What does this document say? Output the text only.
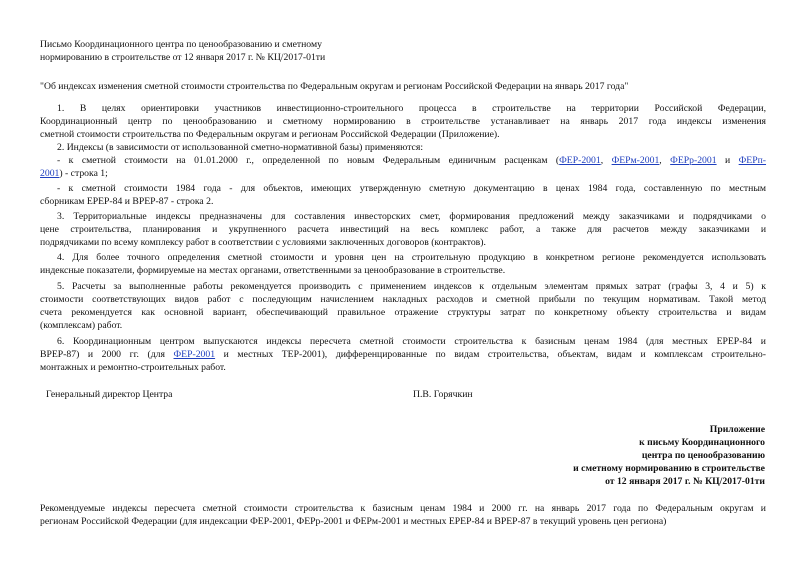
Письмо Координационного центра по ценообразованию и сметному
нормированию в строительстве от 12 января 2017 г. № КЦ/2017-01ти
"Об индексах изменения сметной стоимости строительства по Федеральным округам и регионам Российской Федерации на январь 2017 года"
1. В целях ориентировки участников инвестиционно-строительного процесса в строительстве на территории Российской Федерации,
Координационный центр по ценообразованию и сметному нормированию в строительстве устанавливает на январь 2017 года индексы изменения
сметной стоимости строительства по Федеральным округам и регионам Российской Федерации (Приложение).
2. Индексы (в зависимости от использованной сметно-нормативной базы) применяются:
- к сметной стоимости на 01.01.2000 г., определенной по новым Федеральным единичным расценкам (ФЕР-2001, ФЕРм-2001, ФЕРр-2001 и ФЕРп-
2001) - строка 1;
- к сметной стоимости 1984 года - для объектов, имеющих утвержденную сметную документацию в ценах 1984 года, составленную по местным
сборникам ЕРЕР-84 и ВРЕР-87 - строка 2.
3. Территориальные индексы предназначены для составления инвесторских смет, формирования предложений между заказчиками и подрядчиками о
цене строительства, планирования и укрупненного расчета инвестиций на весь комплекс работ, а также для расчетов между заказчиками и
подрядчиками по всему комплексу работ в соответствии с условиями заключенных договоров (контрактов).
4. Для более точного определения сметной стоимости и уровня цен на строительную продукцию в конкретном регионе рекомендуется использовать
индексные показатели, формируемые на местах органами, ответственными за ценообразование в строительстве.
5. Расчеты за выполненные работы рекомендуется производить с применением индексов к отдельным элементам прямых затрат (графы 3, 4 и 5) к
стоимости соответствующих видов работ с последующим начислением накладных расходов и сметной прибыли по текущим нормативам. Такой метод
счета рекомендуется как основной вариант, обеспечивающий правильное отражение структуры затрат по конкретному объекту строительства и видам
(комплексам) работ.
6. Координационным центром выпускаются индексы пересчета сметной стоимости строительства к базисным ценам 1984 (для местных ЕРЕР-84 и
ВРЕР-87) и 2000 гг. (для ФЕР-2001 и местных ТЕР-2001), дифференцированные по видам строительства, объектам, видам и комплексам строительно-
монтажных и ремонтно-строительных работ.
Генеральный директор Центра	П.В. Горячкин
Приложение
к письму Координационного
центра по ценообразованию
и сметному нормированию в строительстве
от 12 января 2017 г. № КЦ/2017-01ти
Рекомендуемые индексы пересчета сметной стоимости строительства к базисным ценам 1984 и 2000 гг. на январь 2017 года по Федеральным округам и
регионам Российской Федерации (для индексации ФЕР-2001, ФЕРр-2001 и ФЕРм-2001 и местных ЕРЕР-84 и ВРЕР-87 в текущий уровень цен региона)
